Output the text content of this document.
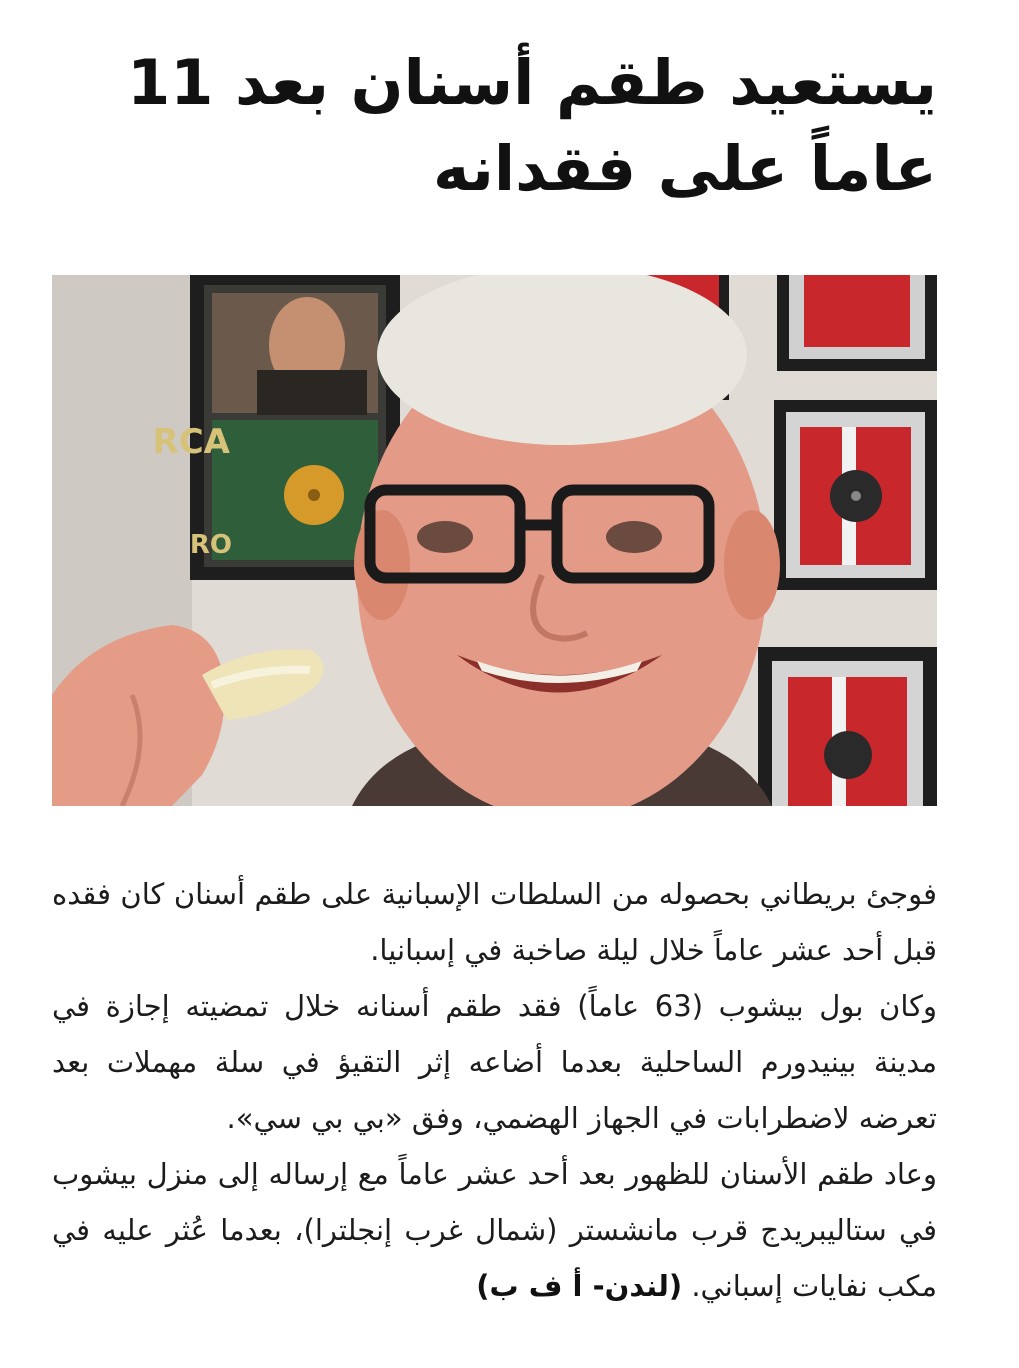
يستعيد طقم أسنان بعد 11 عاماً على فقدانه
RCA
RO

فوجئ بريطاني بحصوله من السلطات الإسبانية على طقم أسنان كان فقده قبل أحد عشر عاماً خلال ليلة صاخبة في إسبانيا.

وكان بول بيشوب (63 عاماً) فقد طقم أسنانه خلال تمضيته إجازة في مدينة بينيدورم الساحلية بعدما أضاعه إثر التقيؤ في سلة مهملات بعد تعرضه لاضطرابات في الجهاز الهضمي، وفق «بي بي سي».

وعاد طقم الأسنان للظهور بعد أحد عشر عاماً مع إرساله إلى منزل بيشوب في ستاليبريدج قرب مانشستر (شمال غرب إنجلترا)، بعدما عُثر عليه في مكب نفايات إسباني. (لندن- أ ف ب)
